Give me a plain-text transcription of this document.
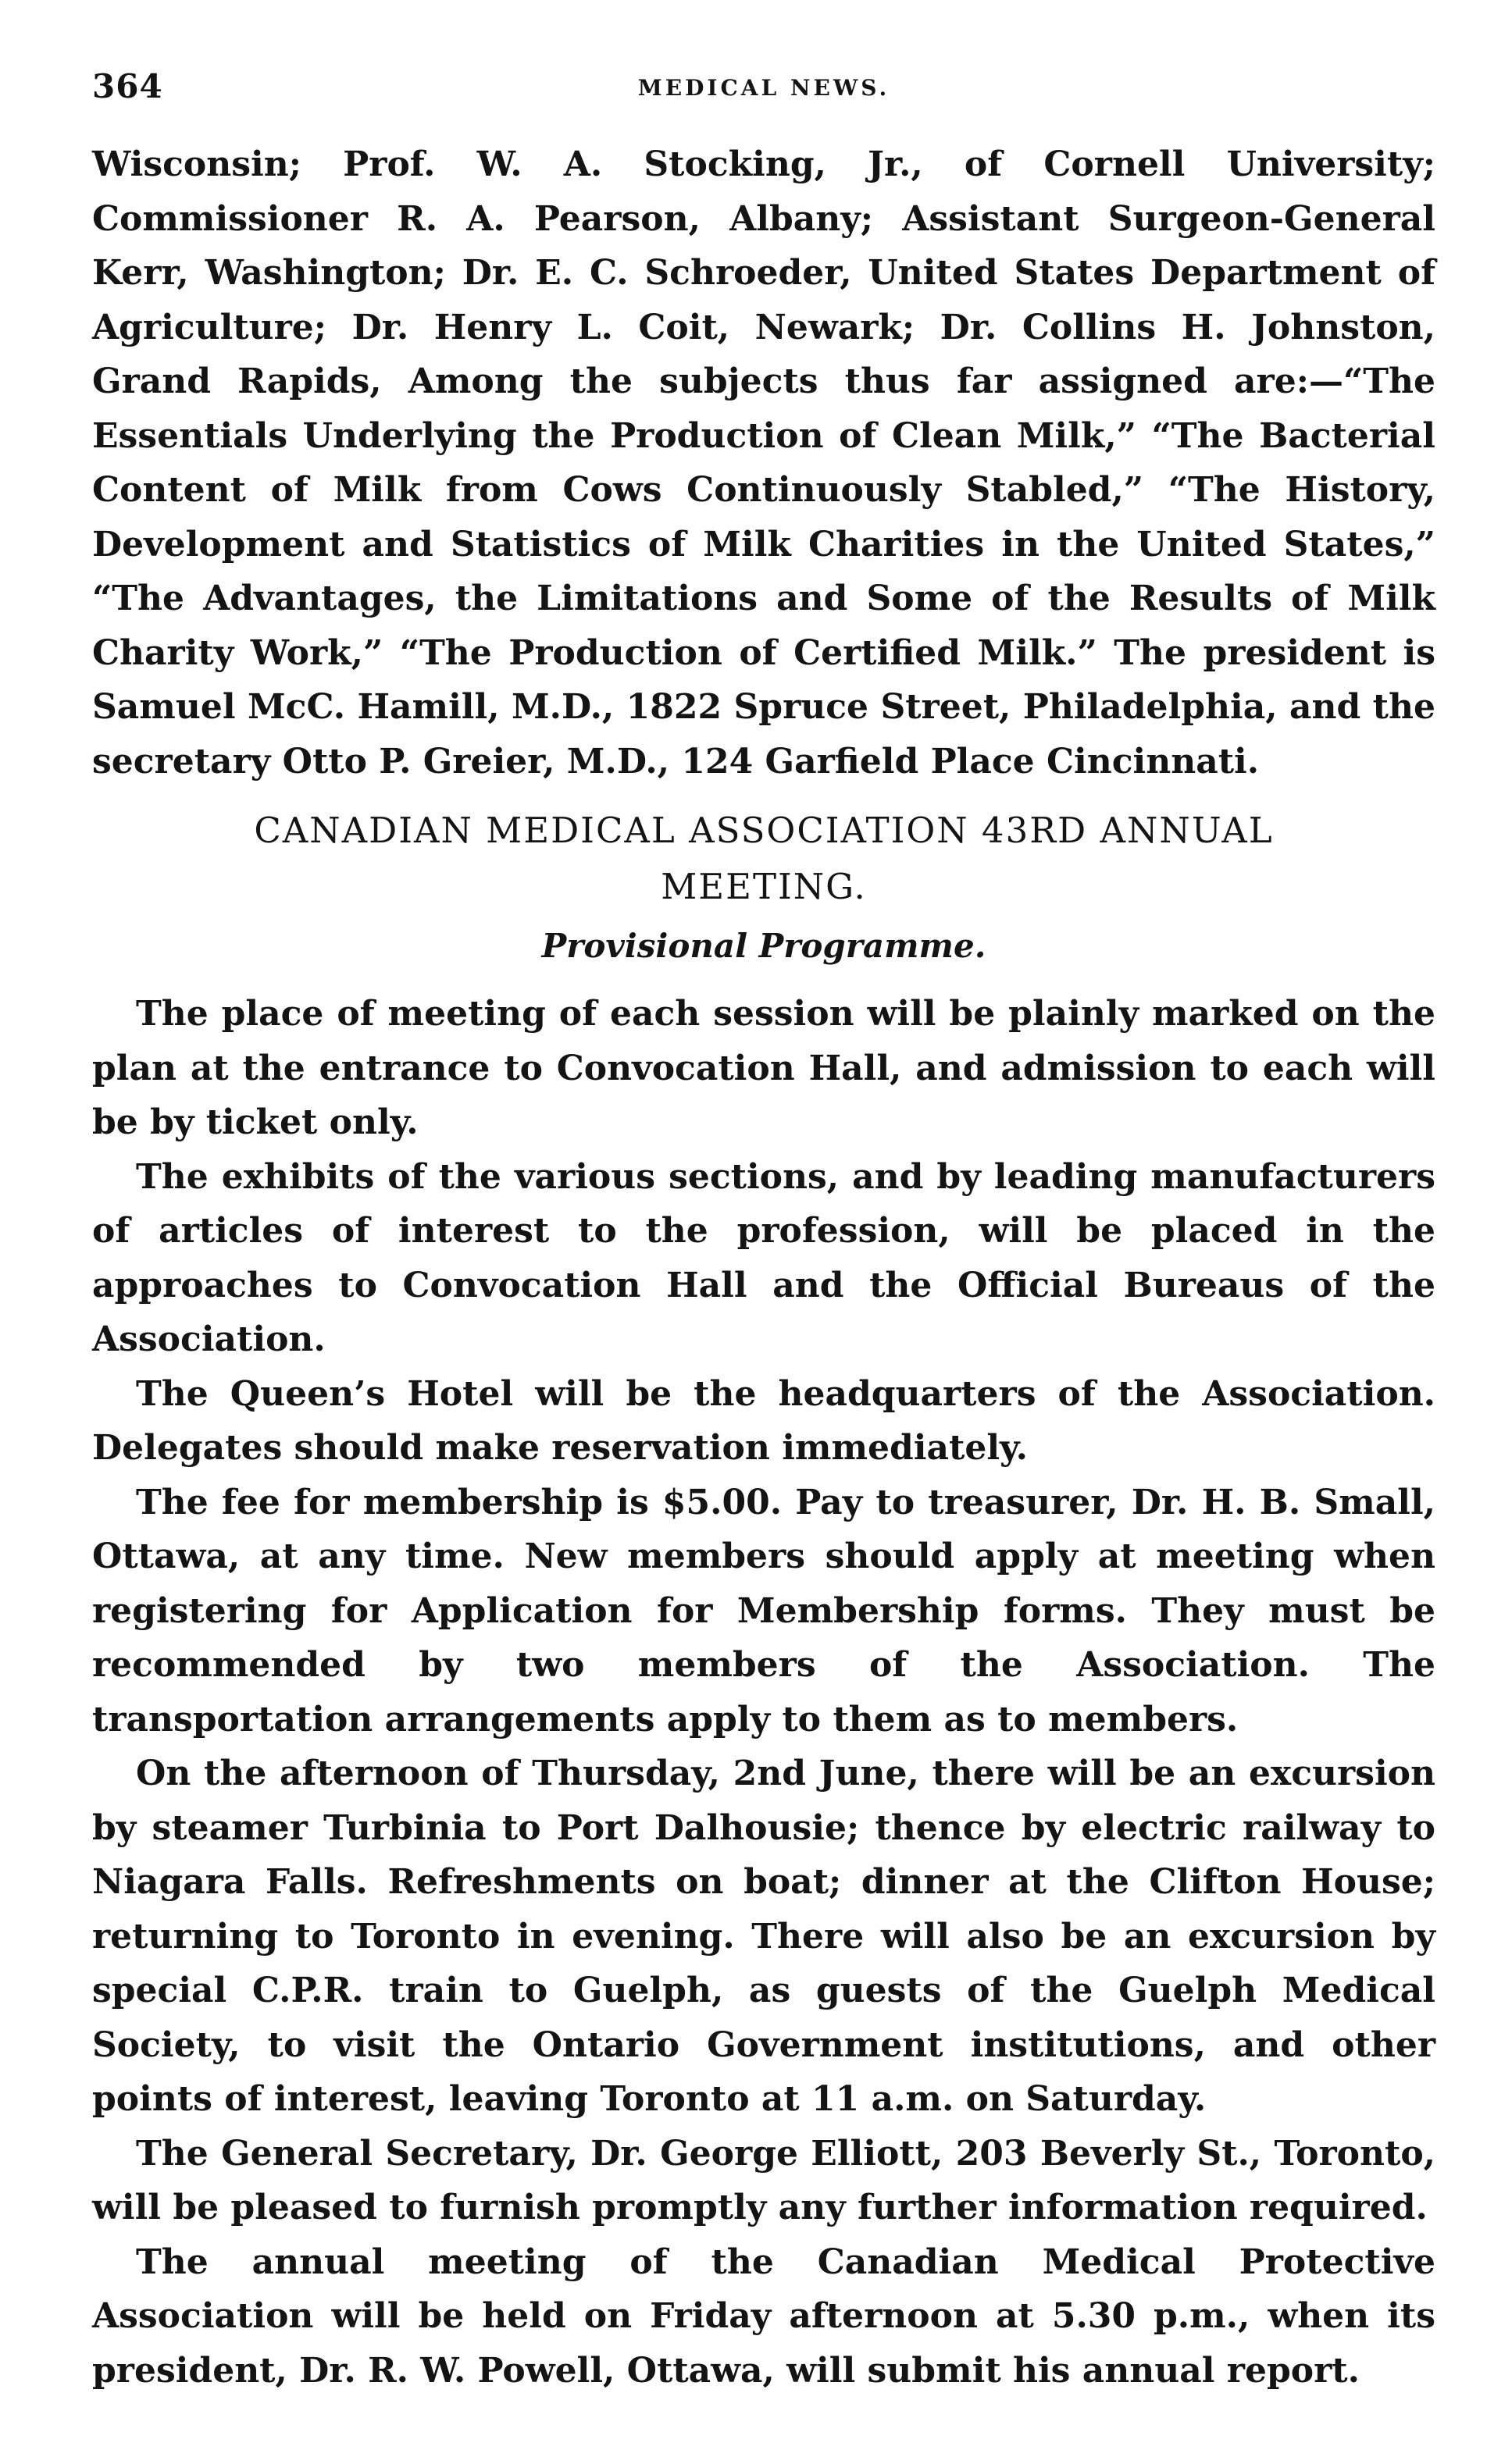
364	MEDICAL NEWS.

Wisconsin; Prof. W. A. Stocking, Jr., of Cornell University; Commissioner R. A. Pearson, Albany; Assistant Surgeon-General Kerr, Washington; Dr. E. C. Schroeder, United States Department of Agriculture; Dr. Henry L. Coit, Newark; Dr. Collins H. Johnston, Grand Rapids, Among the subjects thus far assigned are:—“The Essentials Underlying the Production of Clean Milk,” “The Bacterial Content of Milk from Cows Continuously Stabled,” “The History, Development and Statistics of Milk Charities in the United States,” “The Advantages, the Limitations and Some of the Results of Milk Charity Work,” “The Production of Certified Milk.” The president is Samuel McC. Hamill, M.D., 1822 Spruce Street, Philadelphia, and the secretary Otto P. Greier, M.D., 124 Garfield Place Cincinnati.

CANADIAN MEDICAL ASSOCIATION 43RD ANNUAL
MEETING.

Provisional Programme.

The place of meeting of each session will be plainly marked on the plan at the entrance to Convocation Hall, and admission to each will be by ticket only.

The exhibits of the various sections, and by leading manufacturers of articles of interest to the profession, will be placed in the approaches to Convocation Hall and the Official Bureaus of the Association.

The Queen’s Hotel will be the headquarters of the Association. Delegates should make reservation immediately.

The fee for membership is $5.00. Pay to treasurer, Dr. H. B. Small, Ottawa, at any time. New members should apply at meeting when registering for Application for Membership forms. They must be recommended by two members of the Association. The transportation arrangements apply to them as to members.

On the afternoon of Thursday, 2nd June, there will be an excursion by steamer Turbinia to Port Dalhousie; thence by electric railway to Niagara Falls. Refreshments on boat; dinner at the Clifton House; returning to Toronto in evening. There will also be an excursion by special C.P.R. train to Guelph, as guests of the Guelph Medical Society, to visit the Ontario Government institutions, and other points of interest, leaving Toronto at 11 a.m. on Saturday.

The General Secretary, Dr. George Elliott, 203 Beverly St., Toronto, will be pleased to furnish promptly any further information required.

The annual meeting of the Canadian Medical Protective Association will be held on Friday afternoon at 5.30 p.m., when its president, Dr. R. W. Powell, Ottawa, will submit his annual report.
